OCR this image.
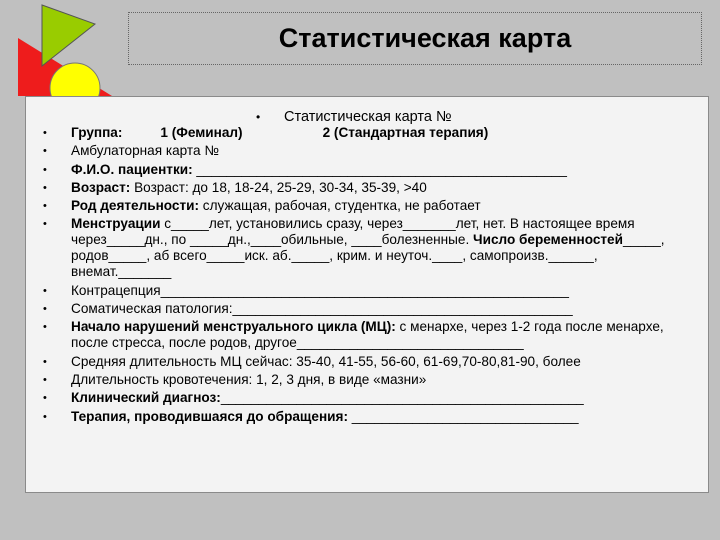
Статистическая карта
• Статистическая карта №
• Группа:	1 (Феминал)	2 (Стандартная терапия)
• Амбулаторная карта №
• Ф.И.О. пациентки: _________________________________________________
• Возраст: Возраст: до 18, 18-24, 25-29, 30-34, 35-39, >40
• Род деятельности: служащая, рабочая, студентка, не работает
• Менструации с_____лет, установились сразу, через_______лет, нет. В настоящее время через_____дн., по _____дн.,____обильные, ____болезненные. Число беременностей_____, родов_____, аб всего_____иск. аб._____, крим. и неуточ.____, самопроизв.______, внемат._______
• Контрацепция______________________________________________________
• Соматическая патология:_____________________________________________
• Начало нарушений менструального цикла (МЦ): с менархе, через 1-2 года после менархе, после стресса, после родов, другое______________________________
• Средняя длительность МЦ сейчас: 35-40, 41-55, 56-60, 61-69,70-80,81-90, более
• Длительность кровотечения: 1, 2, 3 дня, в виде «мазни»
• Клинический диагноз:________________________________________________
• Терапия, проводившаяся до обращения: ______________________________
